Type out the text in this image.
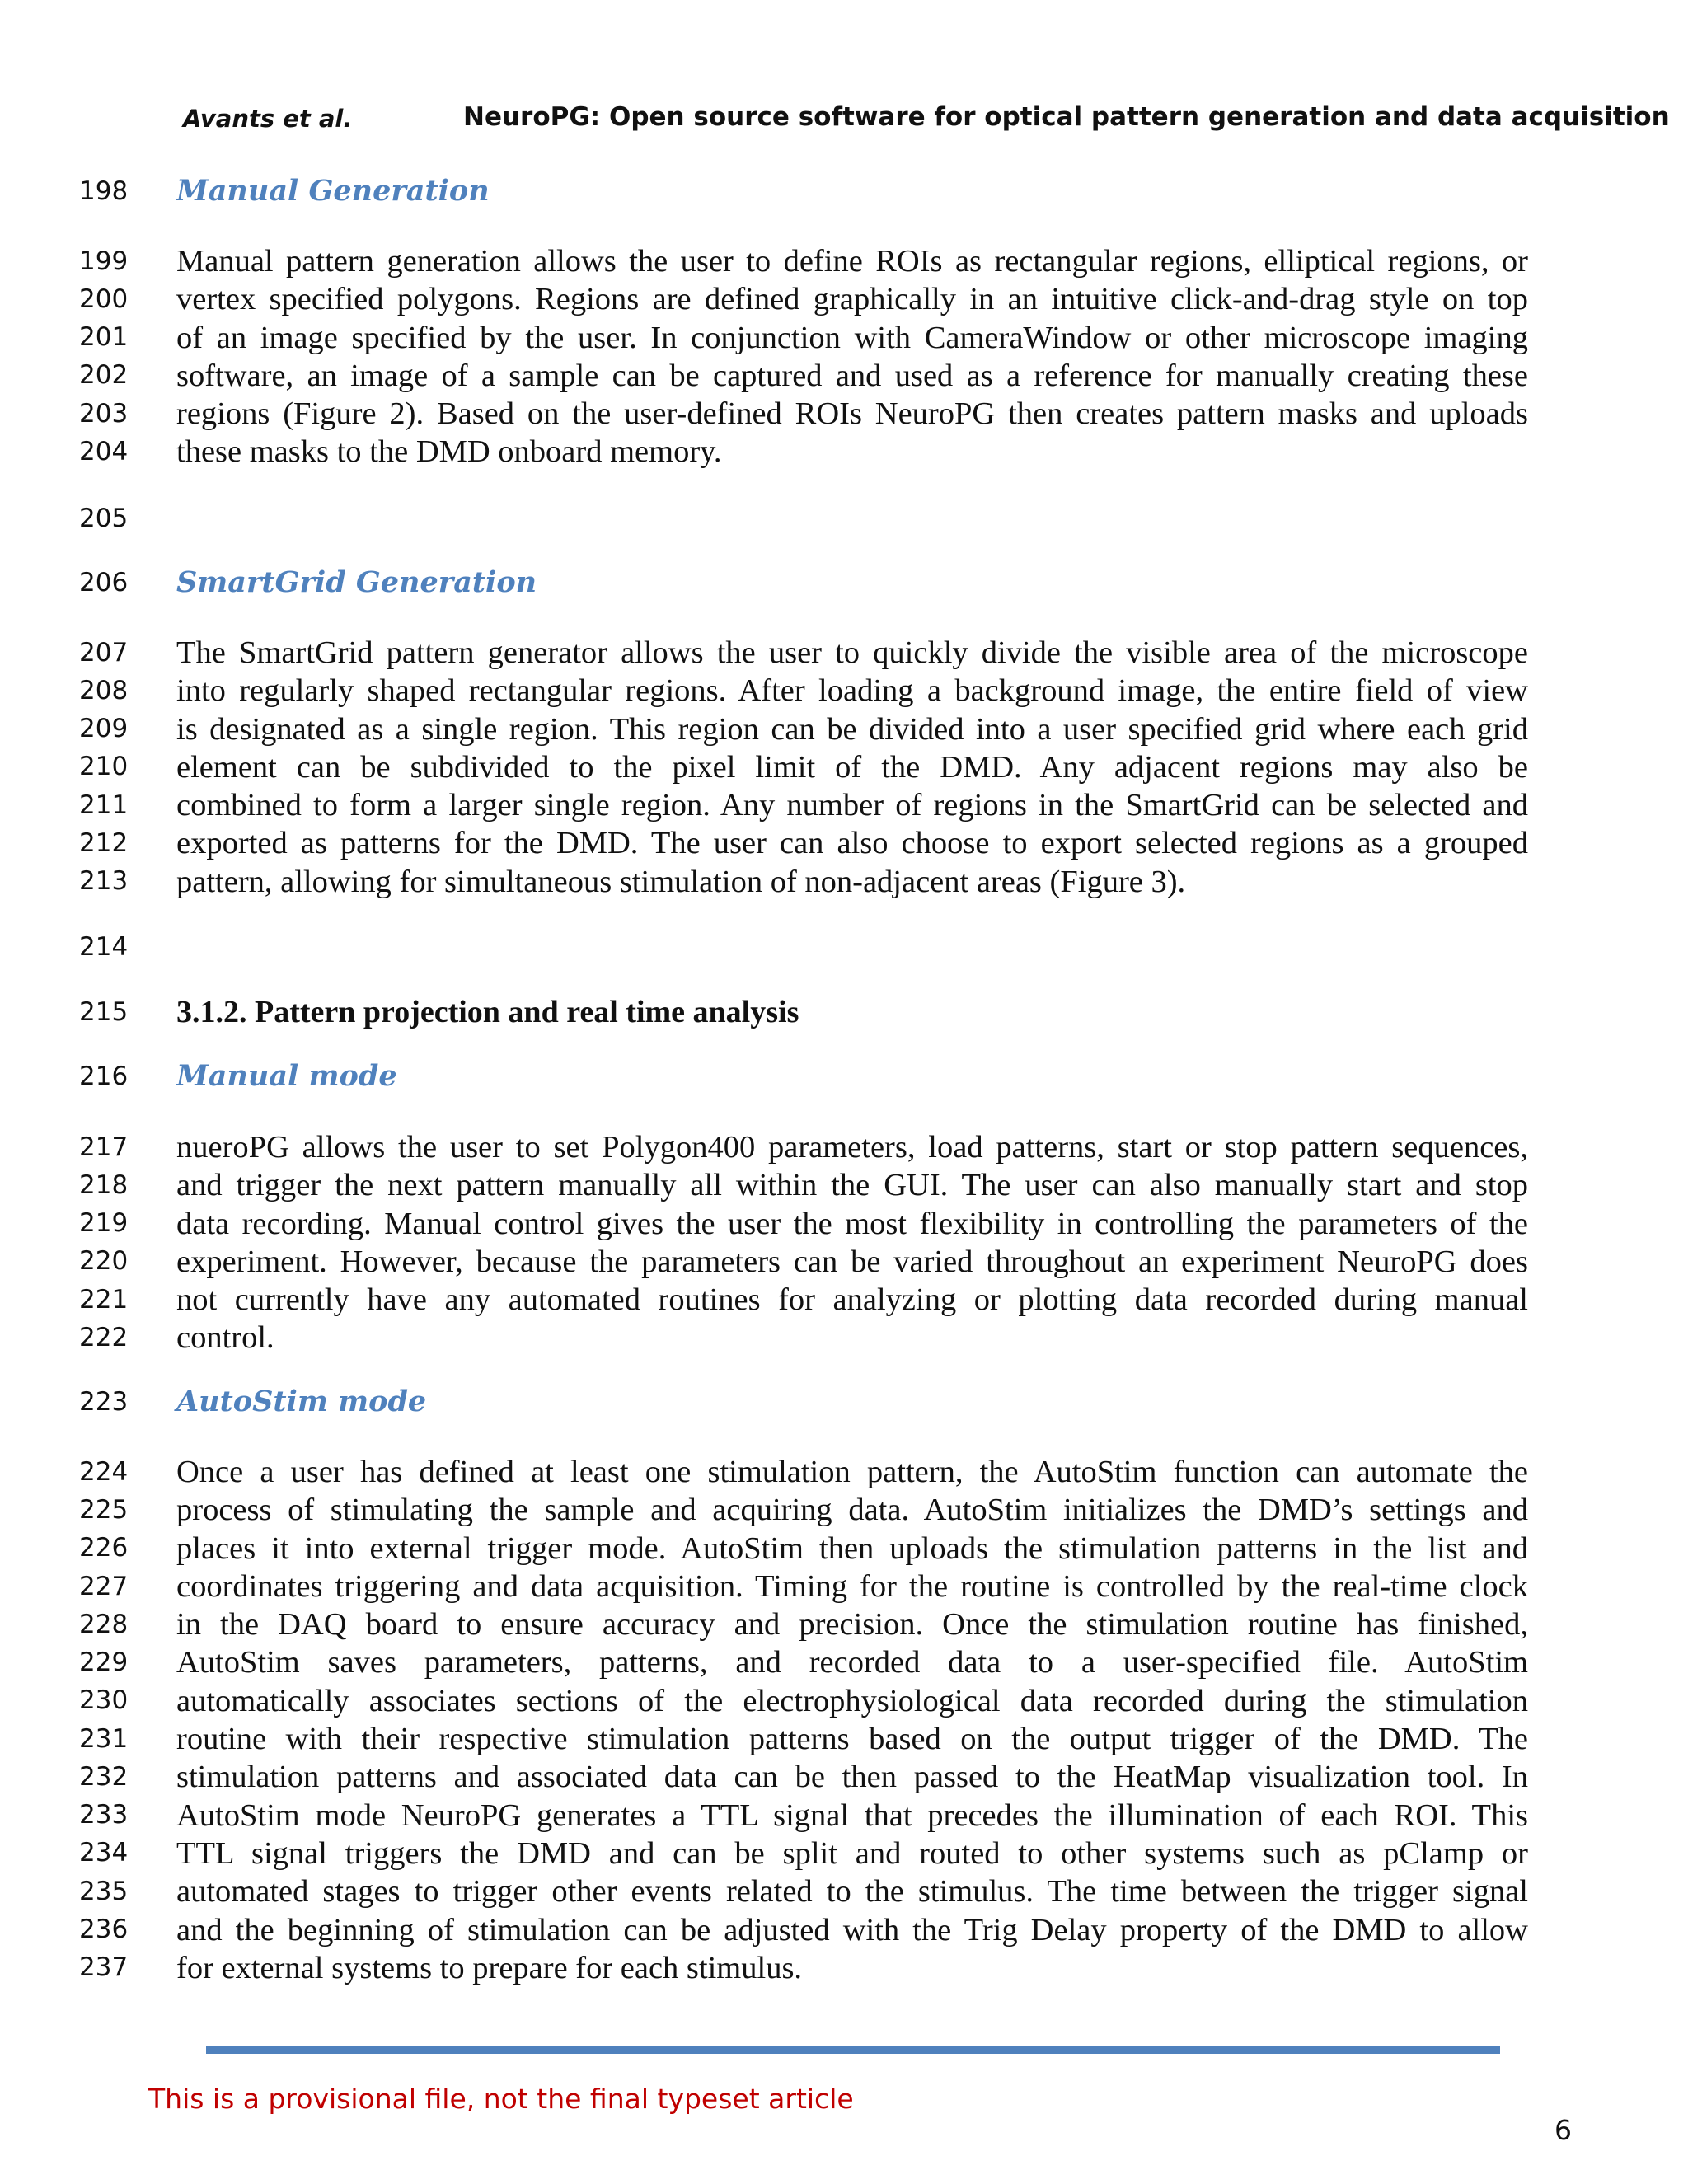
Avants et al.	NeuroPG: Open source software for optical pattern generation and data acquisition
198
199
200
201
202
203
204
205
206
207
208
209
210
211
212
213
214
215
216
217
218
219
220
221
222
223
224
225
226
227
228
229
230
231
232
233
234
235
236
237
Manual Generation
Manual pattern generation allows the user to define ROIs as rectangular regions, elliptical regions, or
vertex specified polygons. Regions are defined graphically in an intuitive click-and-drag style on top
of an image specified by the user. In conjunction with CameraWindow or other microscope imaging
software, an image of a sample can be captured and used as a reference for manually creating these
regions (Figure 2). Based on the user-defined ROIs NeuroPG then creates pattern masks and uploads
these masks to the DMD onboard memory.
SmartGrid Generation
The SmartGrid pattern generator allows the user to quickly divide the visible area of the microscope
into regularly shaped rectangular regions. After loading a background image, the entire field of view
is designated as a single region. This region can be divided into a user specified grid where each grid
element can be subdivided to the pixel limit of the DMD. Any adjacent regions may also be
combined to form a larger single region. Any number of regions in the SmartGrid can be selected and
exported as patterns for the DMD. The user can also choose to export selected regions as a grouped
pattern, allowing for simultaneous stimulation of non-adjacent areas (Figure 3).
3.1.2. Pattern projection and real time analysis
Manual mode
nueroPG allows the user to set Polygon400 parameters, load patterns, start or stop pattern sequences,
and trigger the next pattern manually all within the GUI. The user can also manually start and stop
data recording. Manual control gives the user the most flexibility in controlling the parameters of the
experiment. However, because the parameters can be varied throughout an experiment NeuroPG does
not currently have any automated routines for analyzing or plotting data recorded during manual
control.
AutoStim mode
Once a user has defined at least one stimulation pattern, the AutoStim function can automate the
process of stimulating the sample and acquiring data. AutoStim initializes the DMD’s settings and
places it into external trigger mode. AutoStim then uploads the stimulation patterns in the list and
coordinates triggering and data acquisition. Timing for the routine is controlled by the real-time clock
in the DAQ board to ensure accuracy and precision. Once the stimulation routine has finished,
AutoStim saves parameters, patterns, and recorded data to a user-specified file. AutoStim
automatically associates sections of the electrophysiological data recorded during the stimulation
routine with their respective stimulation patterns based on the output trigger of the DMD. The
stimulation patterns and associated data can be then passed to the HeatMap visualization tool. In
AutoStim mode NeuroPG generates a TTL signal that precedes the illumination of each ROI. This
TTL signal triggers the DMD and can be split and routed to other systems such as pClamp or
automated stages to trigger other events related to the stimulus. The time between the trigger signal
and the beginning of stimulation can be adjusted with the Trig Delay property of the DMD to allow
for external systems to prepare for each stimulus.
This is a provisional file, not the final typeset article
6
